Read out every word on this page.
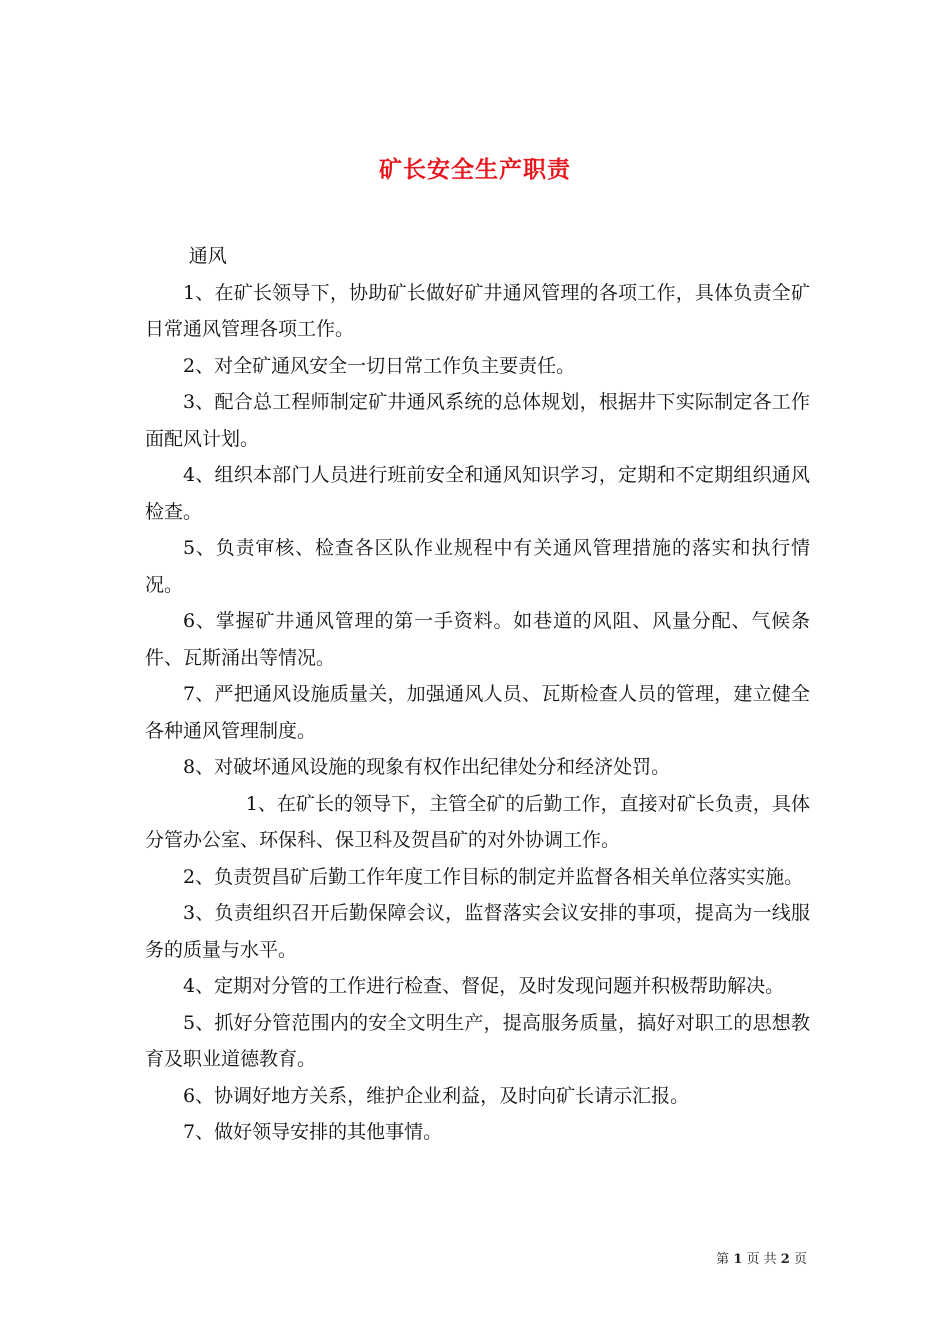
矿长安全生产职责

通风

1、在矿长领导下，协助矿长做好矿井通风管理的各项工作，具体负责全矿日常通风管理各项工作。

2、对全矿通风安全一切日常工作负主要责任。

3、配合总工程师制定矿井通风系统的总体规划，根据井下实际制定各工作面配风计划。

4、组织本部门人员进行班前安全和通风知识学习，定期和不定期组织通风检查。

5、负责审核、检查各区队作业规程中有关通风管理措施的落实和执行情况。

6、掌握矿井通风管理的第一手资料。如巷道的风阻、风量分配、气候条件、瓦斯涌出等情况。

7、严把通风设施质量关，加强通风人员、瓦斯检查人员的管理，建立健全各种通风管理制度。

8、对破坏通风设施的现象有权作出纪律处分和经济处罚。

1、在矿长的领导下，主管全矿的后勤工作，直接对矿长负责，具体分管办公室、环保科、保卫科及贺昌矿的对外协调工作。

2、负责贺昌矿后勤工作年度工作目标的制定并监督各相关单位落实实施。

3、负责组织召开后勤保障会议，监督落实会议安排的事项，提高为一线服务的质量与水平。

4、定期对分管的工作进行检查、督促，及时发现问题并积极帮助解决。

5、抓好分管范围内的安全文明生产，提高服务质量，搞好对职工的思想教育及职业道德教育。

6、协调好地方关系，维护企业利益，及时向矿长请示汇报。

7、做好领导安排的其他事情。

第 1 页 共 2 页
